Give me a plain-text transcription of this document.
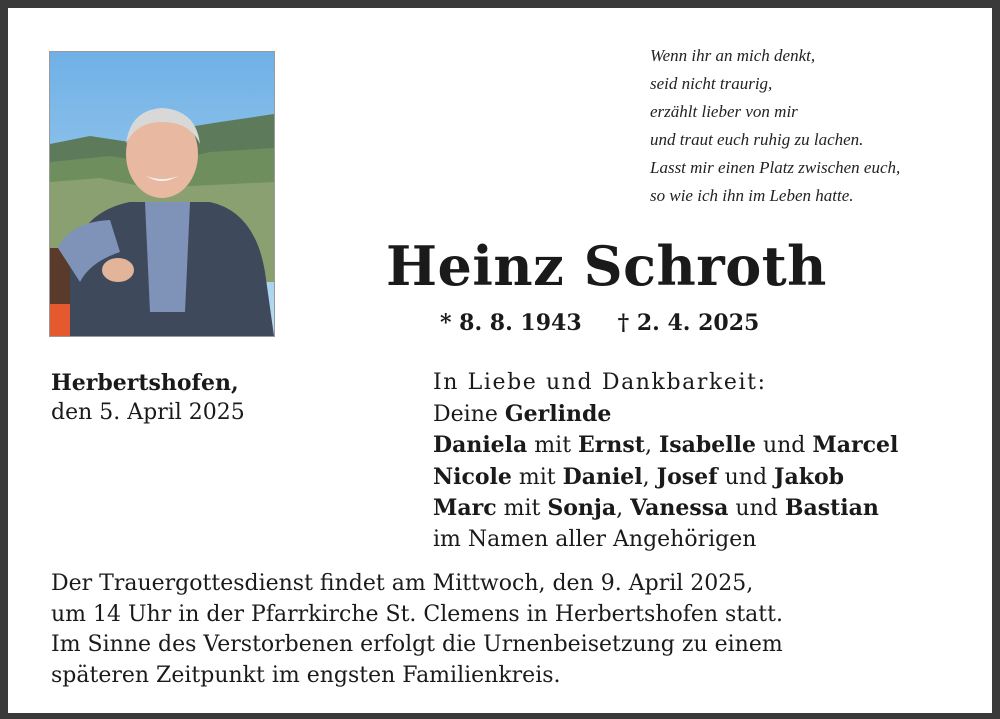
Wenn ihr an mich denkt,
seid nicht traurig,
erzählt lieber von mir
und traut euch ruhig zu lachen.
Lasst mir einen Platz zwischen euch,
so wie ich ihn im Leben hatte.
Heinz Schroth
* 8. 8. 1943 † 2. 4. 2025
Herbertshofen,
den 5. April 2025
In Liebe und Dankbarkeit:
Deine Gerlinde
Daniela mit Ernst, Isabelle und Marcel
Nicole mit Daniel, Josef und Jakob
Marc mit Sonja, Vanessa und Bastian
im Namen aller Angehörigen
Der Trauergottesdienst findet am Mittwoch, den 9. April 2025,
um 14 Uhr in der Pfarrkirche St. Clemens in Herbertshofen statt.
Im Sinne des Verstorbenen erfolgt die Urnenbeisetzung zu einem
späteren Zeitpunkt im engsten Familienkreis.
